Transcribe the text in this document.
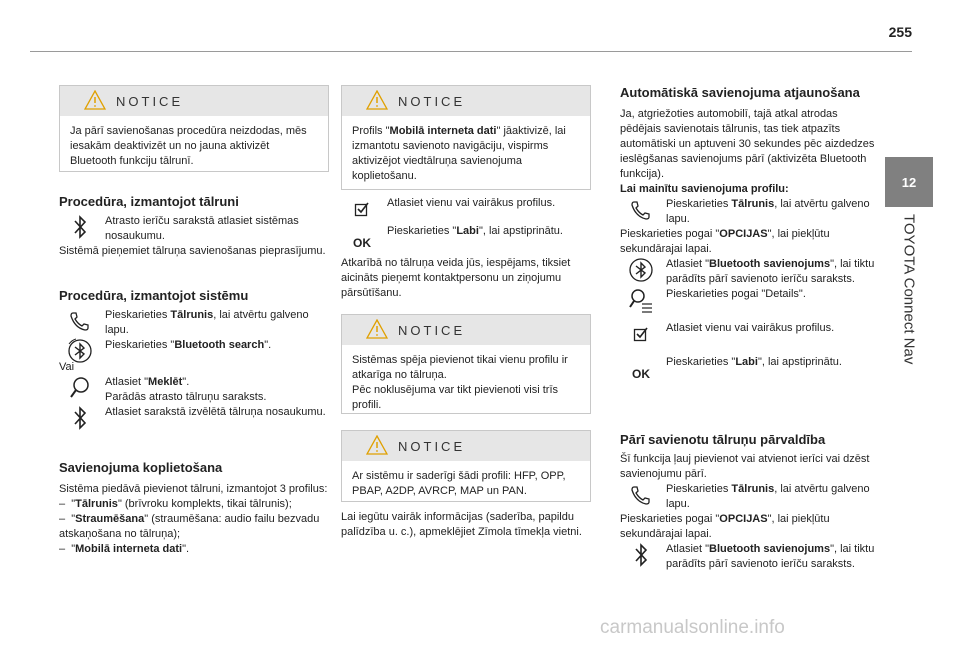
255
12
TOYOTA Connect Nav
NOTICE
Ja pārī savienošanas procedūra neizdodas, mēs iesakām deaktivizēt un no jauna aktivizēt Bluetooth funkciju tālrunī.
Procedūra, izmantojot tālruni
Atrasto ierīču sarakstā atlasiet sistēmas nosaukumu.

Sistēmā pieņemiet tālruņa savienošanas pieprasījumu.

Procedūra, izmantojot sistēmu
Pieskarieties Tālrunis, lai atvērtu galveno lapu.
Pieskarieties "Bluetooth search".

Vai

Atlasiet "Meklēt".
Parādās atrasto tālruņu saraksts.
Atlasiet sarakstā izvēlētā tālruņa nosaukumu.
Savienojuma koplietošana

Sistēma piedāvā pievienot tālruni, izmantojot 3 profilus:

–  "Tālrunis" (brīvroku komplekts, tikai tālrunis);

–  "Straumēšana" (straumēšana: audio failu bezvadu atskaņošana no tālruņa);

–  "Mobilā interneta dati".

NOTICE
Profils "Mobilā interneta dati" jāaktivizē, lai izmantotu savienoto navigāciju, vispirms aktivizējot viedtālruņa savienojuma koplietošanu.
Atlasiet vienu vai vairākus profilus.
OK
Pieskarieties "Labi", lai apstiprinātu.

Atkarībā no tālruņa veida jūs, iespējams, tiksiet aicināts pieņemt kontaktpersonu un ziņojumu pārsūtīšanu.

NOTICE
Sistēmas spēja pievienot tikai vienu profilu ir atkarīga no tālruņa.
Pēc noklusējuma var tikt pievienoti visi trīs profili.
NOTICE
Ar sistēmu ir saderīgi šādi profili: HFP, OPP, PBAP, A2DP, AVRCP, MAP un PAN.
Lai iegūtu vairāk informācijas (saderība, papildu palīdzība u. c.), apmeklējiet Zīmola tīmekļa vietni.
Automātiskā savienojuma atjaunošana

Ja, atgriežoties automobilī, tajā atkal atrodas pēdējais savienotais tālrunis, tas tiek atpazīts automātiski un aptuveni 30 sekundes pēc aizdedzes ieslēgšanas savienojums pārī (aktivizēta Bluetooth funkcija).

Lai mainītu savienojuma profilu:

Pieskarieties Tālrunis, lai atvērtu galveno lapu.

Pieskarieties pogai "OPCIJAS", lai piekļūtu sekundārajai lapai.

Atlasiet "Bluetooth savienojums", lai tiktu parādīts pārī savienoto ierīču saraksts.
Pieskarieties pogai "Details".
Atlasiet vienu vai vairākus profilus.
OK
Pieskarieties "Labi", lai apstiprinātu.
Pārī savienotu tālruņu pārvaldība

Šī funkcija ļauj pievienot vai atvienot ierīci vai dzēst savienojumu pārī.

Pieskarieties Tālrunis, lai atvērtu galveno lapu.

Pieskarieties pogai "OPCIJAS", lai piekļūtu sekundārajai lapai.

Atlasiet "Bluetooth savienojums", lai tiktu parādīts pārī savienoto ierīču saraksts.
carmanualsonline.info
